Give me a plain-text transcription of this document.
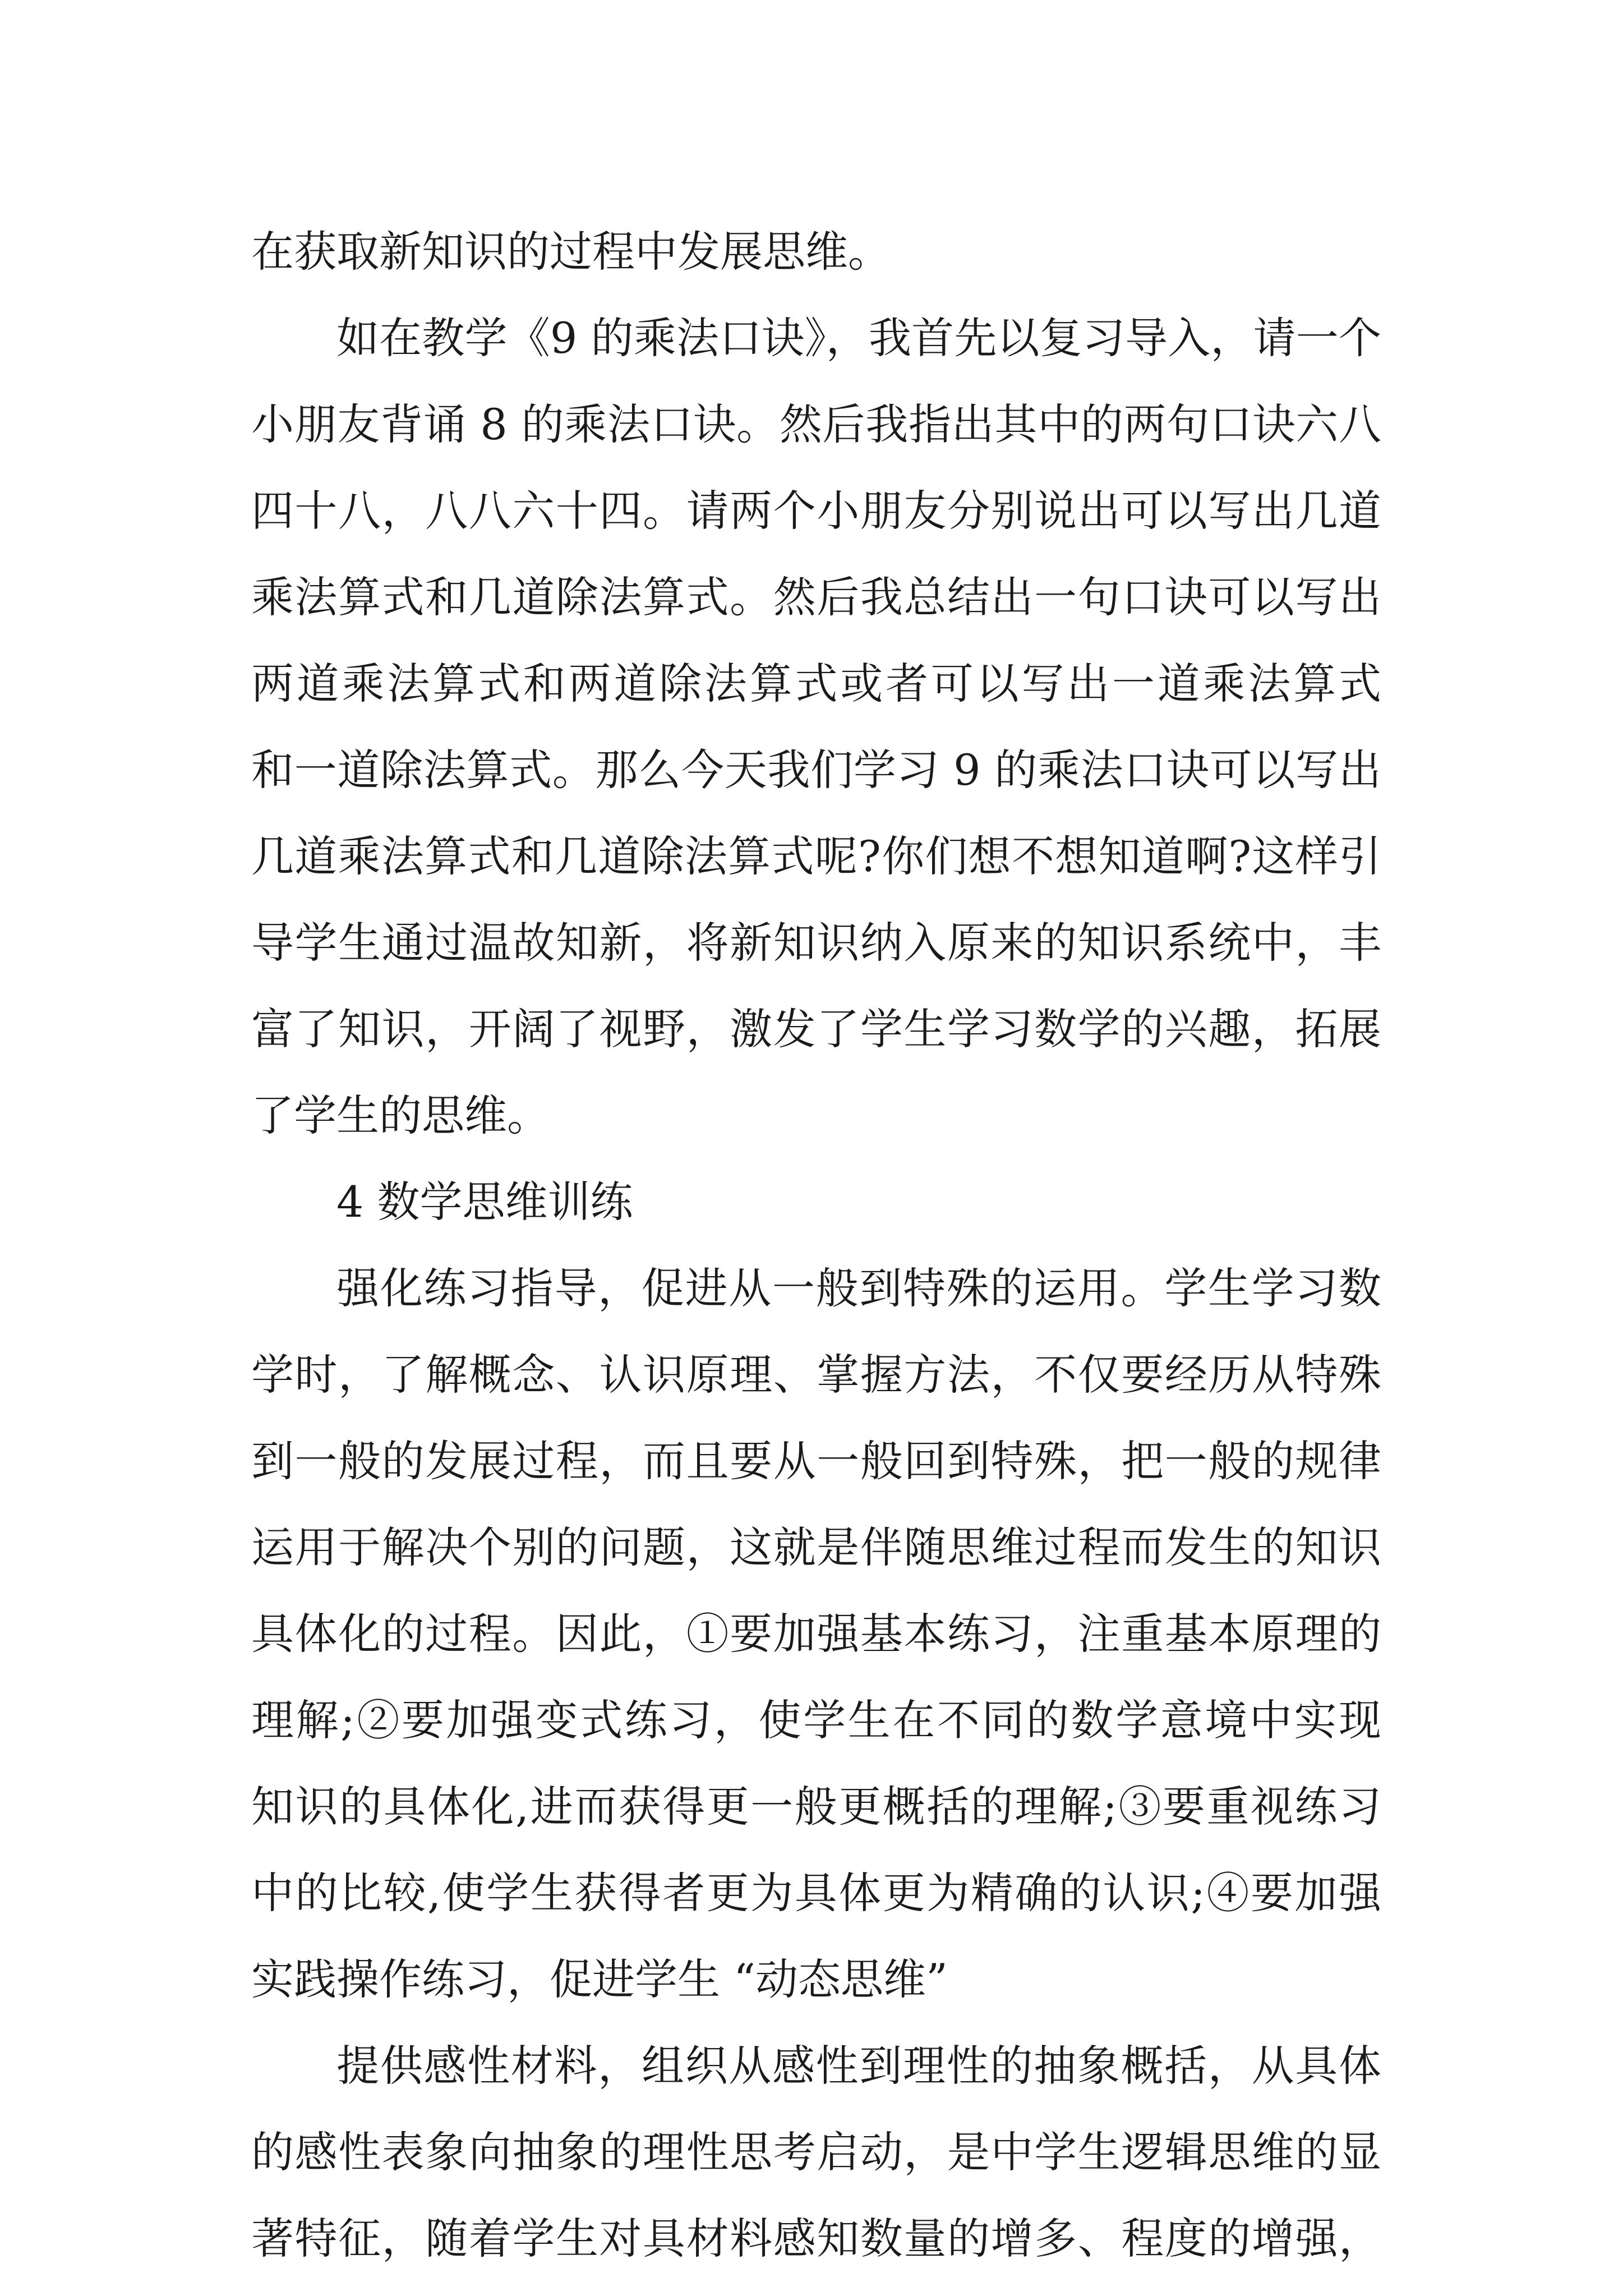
在获取新知识的过程中发展思维。
如在教学《9 的乘法口诀》，我首先以复习导入，请一个
小朋友背诵 8 的乘法口诀。然后我指出其中的两句口诀六八
四十八，八八六十四。请两个小朋友分别说出可以写出几道
乘法算式和几道除法算式。然后我总结出一句口诀可以写出
两道乘法算式和两道除法算式或者可以写出一道乘法算式
和一道除法算式。那么今天我们学习 9 的乘法口诀可以写出
几道乘法算式和几道除法算式呢?你们想不想知道啊?这样引
导学生通过温故知新，将新知识纳入原来的知识系统中，丰
富了知识，开阔了视野，激发了学生学习数学的兴趣，拓展
了学生的思维。
4 数学思维训练
强化练习指导，促进从一般到特殊的运用。学生学习数
学时，了解概念、认识原理、掌握方法，不仅要经历从特殊
到一般的发展过程，而且要从一般回到特殊，把一般的规律
运用于解决个别的问题，这就是伴随思维过程而发生的知识
具体化的过程。因此，①要加强基本练习，注重基本原理的
理解;②要加强变式练习，使学生在不同的数学意境中实现
知识的具体化,进而获得更一般更概括的理解;③要重视练习
中的比较,使学生获得者更为具体更为精确的认识;④要加强
实践操作练习，促进学生 “动态思维”
提供感性材料，组织从感性到理性的抽象概括，从具体
的感性表象向抽象的理性思考启动，是中学生逻辑思维的显
著特征，随着学生对具材料感知数量的增多、程度的增强，
